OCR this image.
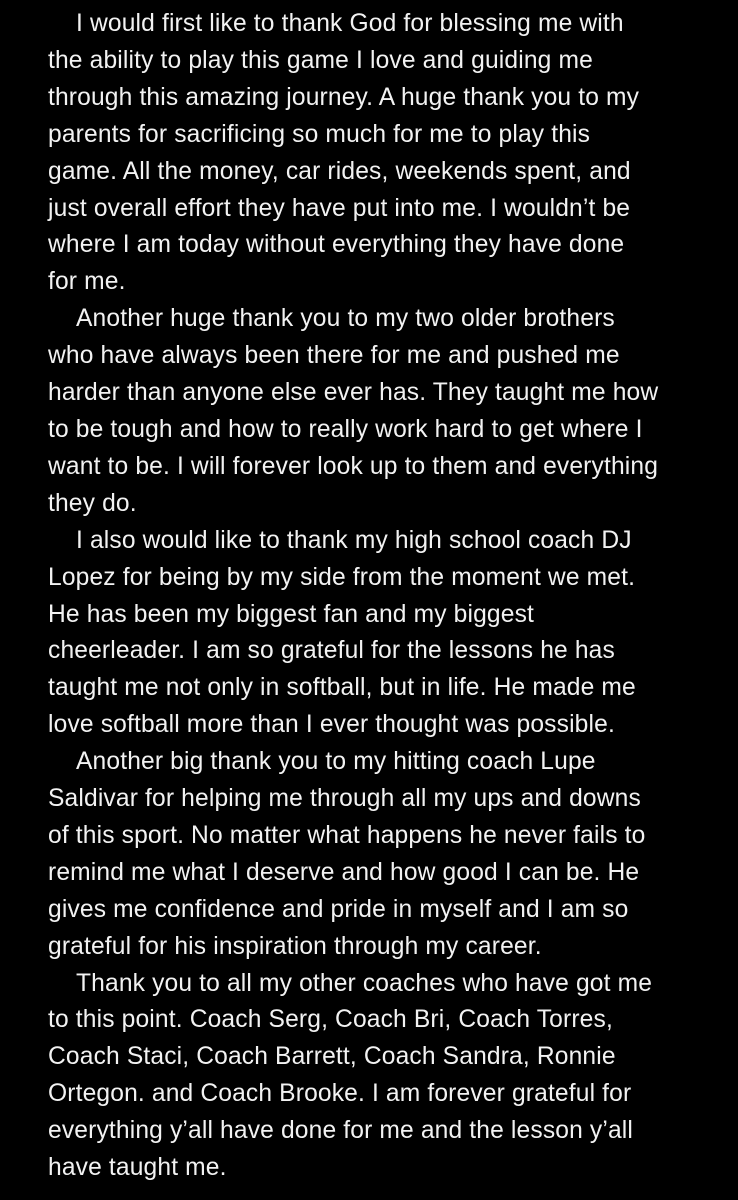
I would first like to thank God for blessing me with
the ability to play this game I love and guiding me
through this amazing journey. A huge thank you to my
parents for sacrificing so much for me to play this
game. All the money, car rides, weekends spent, and
just overall effort they have put into me. I wouldn’t be
where I am today without everything they have done
for me.

Another huge thank you to my two older brothers
who have always been there for me and pushed me
harder than anyone else ever has. They taught me how
to be tough and how to really work hard to get where I
want to be. I will forever look up to them and everything
they do.

I also would like to thank my high school coach DJ
Lopez for being by my side from the moment we met.
He has been my biggest fan and my biggest
cheerleader. I am so grateful for the lessons he has
taught me not only in softball, but in life. He made me
love softball more than I ever thought was possible.

Another big thank you to my hitting coach Lupe
Saldivar for helping me through all my ups and downs
of this sport. No matter what happens he never fails to
remind me what I deserve and how good I can be. He
gives me confidence and pride in myself and I am so
grateful for his inspiration through my career.

Thank you to all my other coaches who have got me
to this point. Coach Serg, Coach Bri, Coach Torres,
Coach Staci, Coach Barrett, Coach Sandra, Ronnie
Ortegon. and Coach Brooke. I am forever grateful for
everything y’all have done for me and the lesson y’all
have taught me.
